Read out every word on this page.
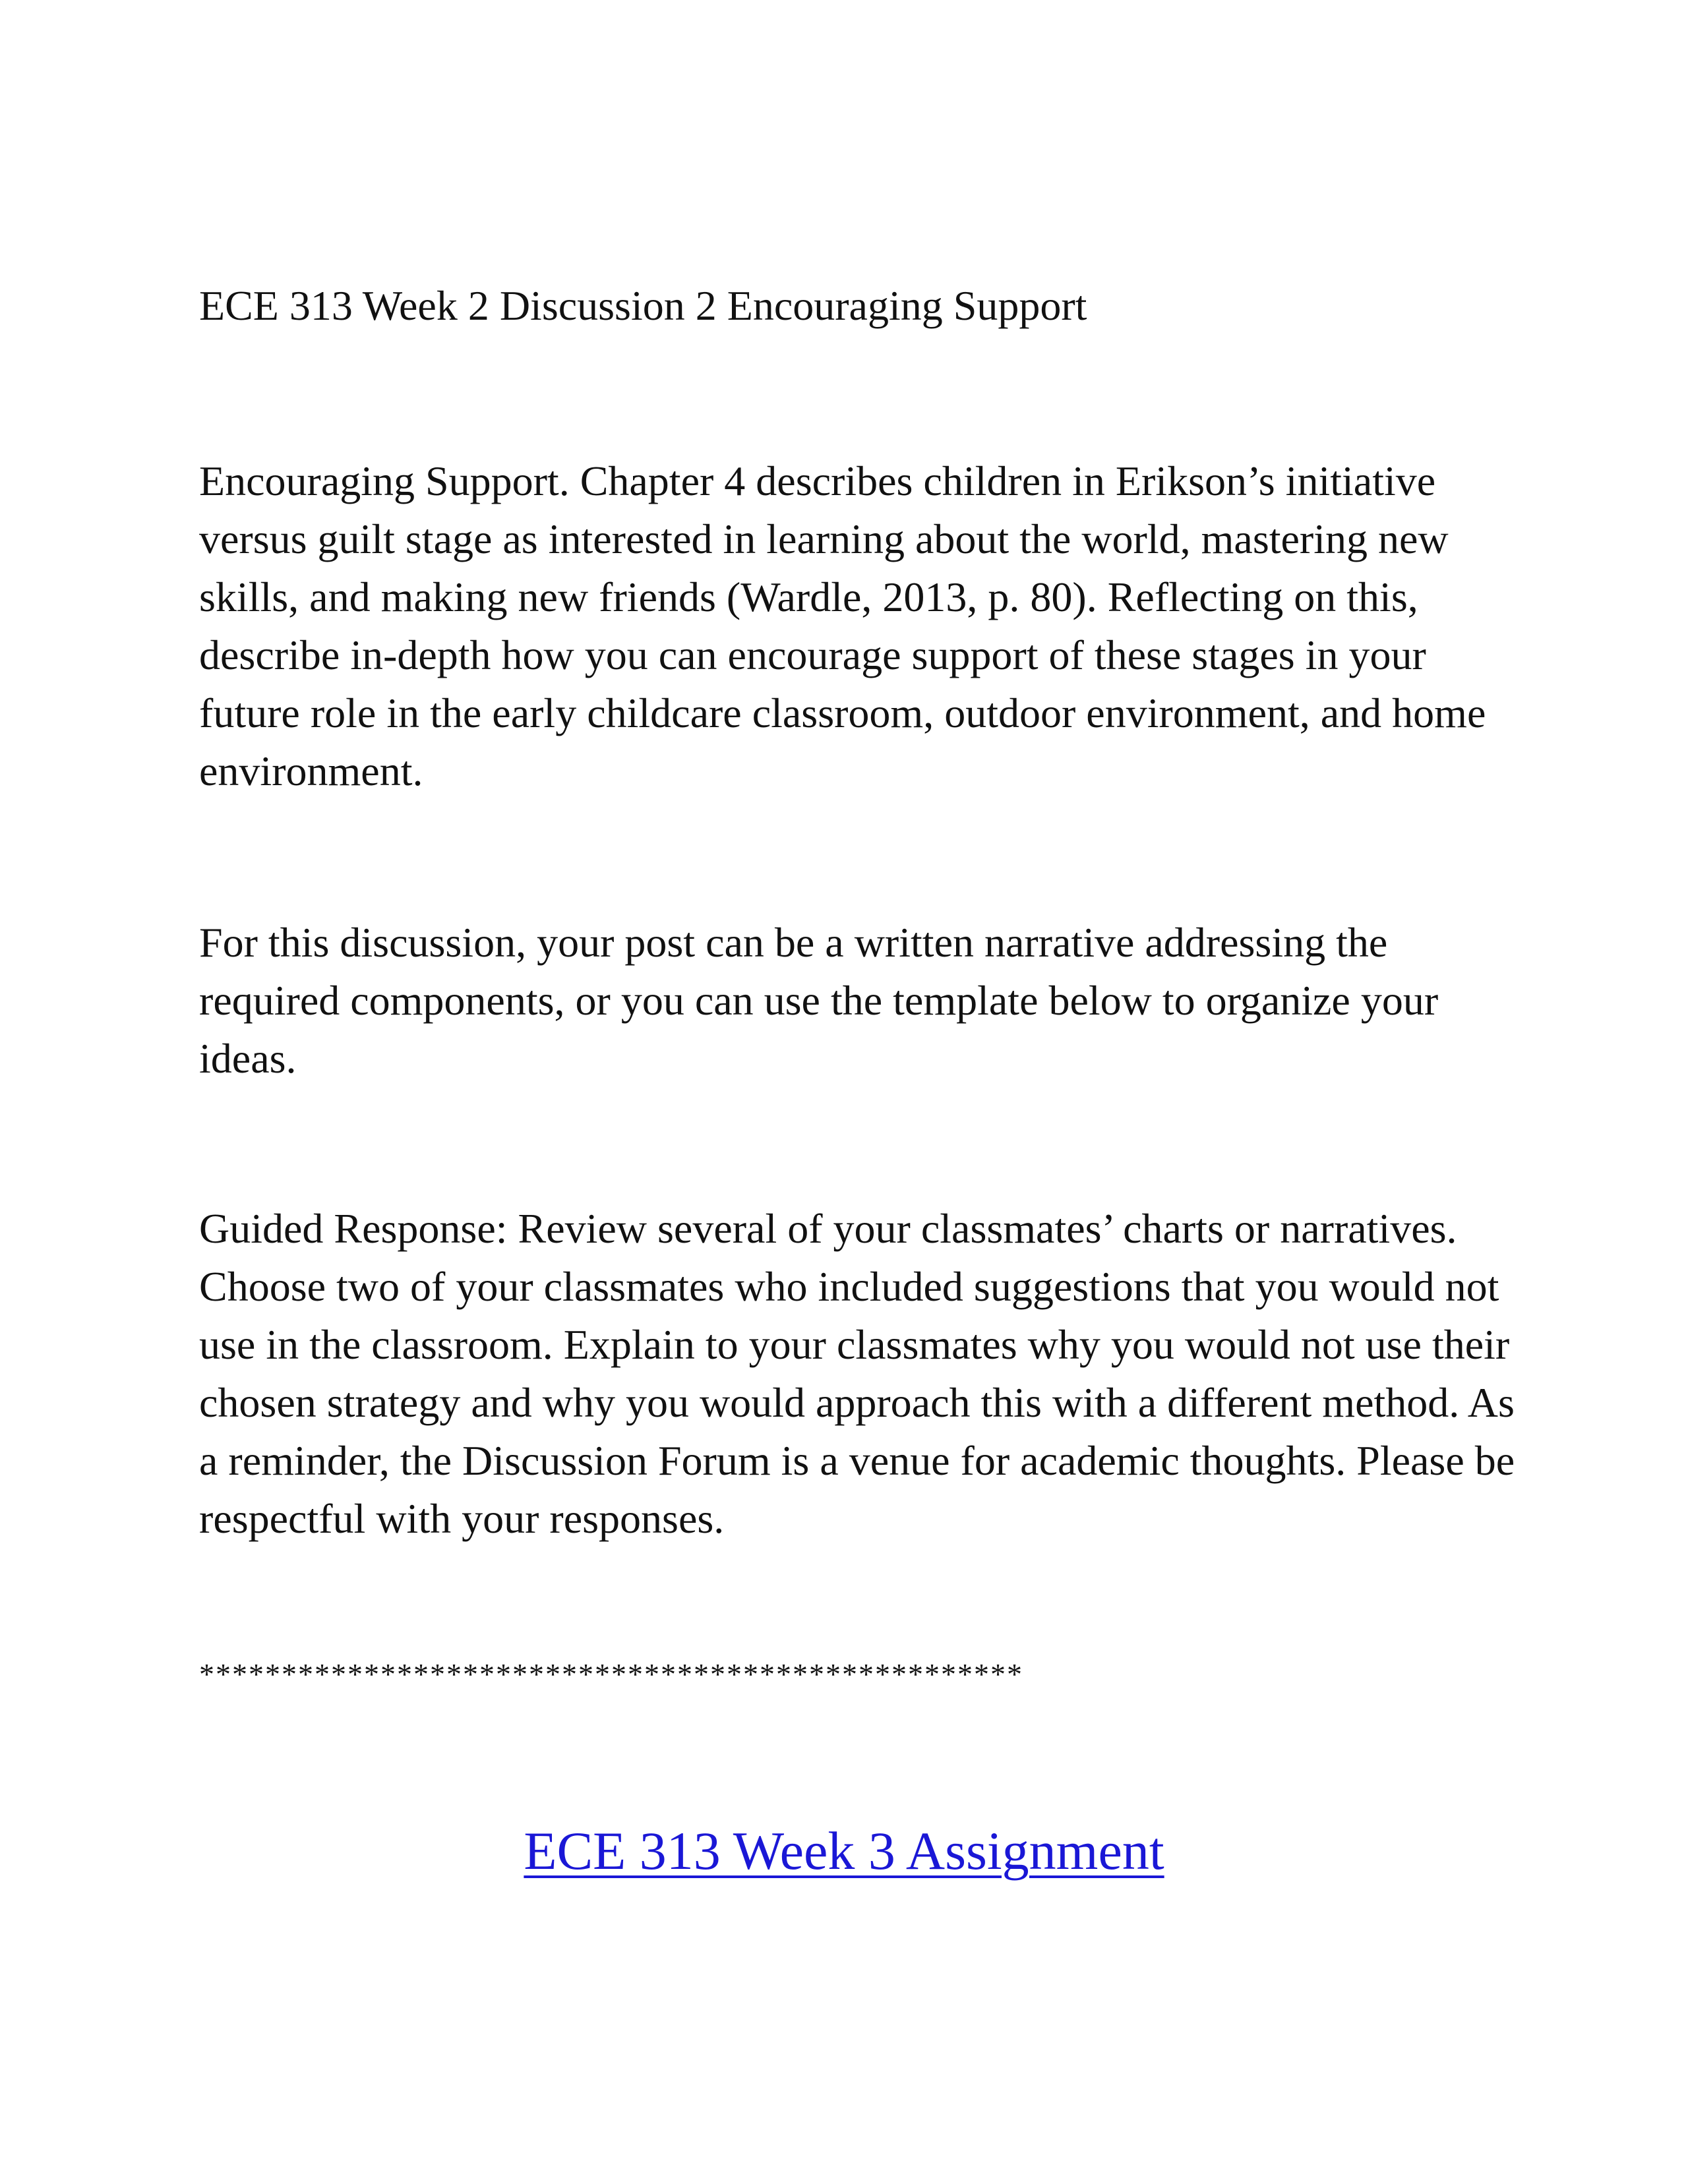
ECE 313 Week 2 Discussion 2 Encouraging Support

Encouraging Support. Chapter 4 describes children in Erikson’s initiative versus guilt stage as interested in learning about the world, mastering new skills, and making new friends (Wardle, 2013, p. 80). Reflecting on this, describe in-depth how you can encourage support of these stages in your future role in the early childcare classroom, outdoor environment, and home environment.

For this discussion, your post can be a written narrative addressing the required components, or you can use the template below to organize your ideas.

Guided Response: Review several of your classmates’ charts or narratives. Choose two of your classmates who included suggestions that you would not use in the classroom. Explain to your classmates why you would not use their chosen strategy and why you would approach this with a different method. As a reminder, the Discussion Forum is a venue for academic thoughts. Please be respectful with your responses.

**************************************************
ECE 313 Week 3 Assignment
